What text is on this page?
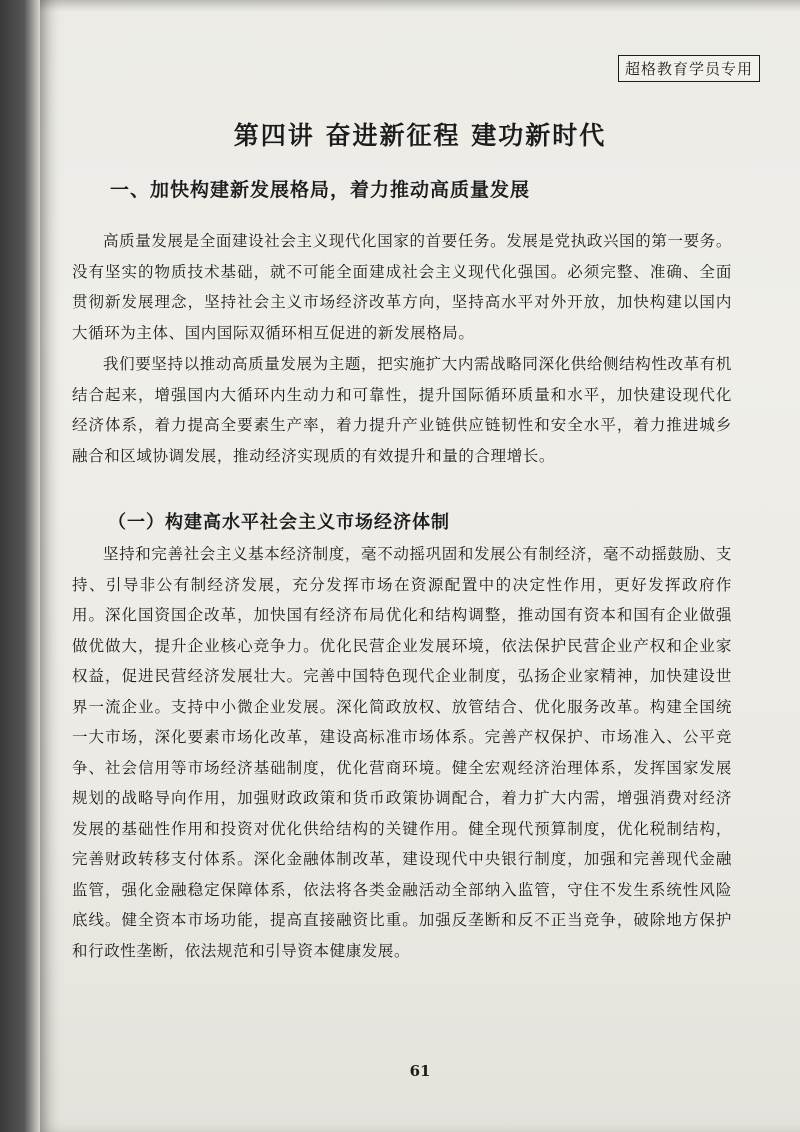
超格教育学员专用
第四讲 奋进新征程 建功新时代
一、加快构建新发展格局，着力推动高质量发展

高质量发展是全面建设社会主义现代化国家的首要任务。发展是党执政兴国的第一要务。没有坚实的物质技术基础，就不可能全面建成社会主义现代化强国。必须完整、准确、全面贯彻新发展理念，坚持社会主义市场经济改革方向，坚持高水平对外开放，加快构建以国内大循环为主体、国内国际双循环相互促进的新发展格局。

我们要坚持以推动高质量发展为主题，把实施扩大内需战略同深化供给侧结构性改革有机结合起来，增强国内大循环内生动力和可靠性，提升国际循环质量和水平，加快建设现代化经济体系，着力提高全要素生产率，着力提升产业链供应链韧性和安全水平，着力推进城乡融合和区域协调发展，推动经济实现质的有效提升和量的合理增长。

（一）构建高水平社会主义市场经济体制

坚持和完善社会主义基本经济制度，毫不动摇巩固和发展公有制经济，毫不动摇鼓励、支持、引导非公有制经济发展，充分发挥市场在资源配置中的决定性作用，更好发挥政府作用。深化国资国企改革，加快国有经济布局优化和结构调整，推动国有资本和国有企业做强做优做大，提升企业核心竞争力。优化民营企业发展环境，依法保护民营企业产权和企业家权益，促进民营经济发展壮大。完善中国特色现代企业制度，弘扬企业家精神，加快建设世界一流企业。支持中小微企业发展。深化简政放权、放管结合、优化服务改革。构建全国统一大市场，深化要素市场化改革，建设高标准市场体系。完善产权保护、市场准入、公平竞争、社会信用等市场经济基础制度，优化营商环境。健全宏观经济治理体系，发挥国家发展规划的战略导向作用，加强财政政策和货币政策协调配合，着力扩大内需，增强消费对经济发展的基础性作用和投资对优化供给结构的关键作用。健全现代预算制度，优化税制结构，完善财政转移支付体系。深化金融体制改革，建设现代中央银行制度，加强和完善现代金融监管，强化金融稳定保障体系，依法将各类金融活动全部纳入监管，守住不发生系统性风险底线。健全资本市场功能，提高直接融资比重。加强反垄断和反不正当竞争，破除地方保护和行政性垄断，依法规范和引导资本健康发展。

61
